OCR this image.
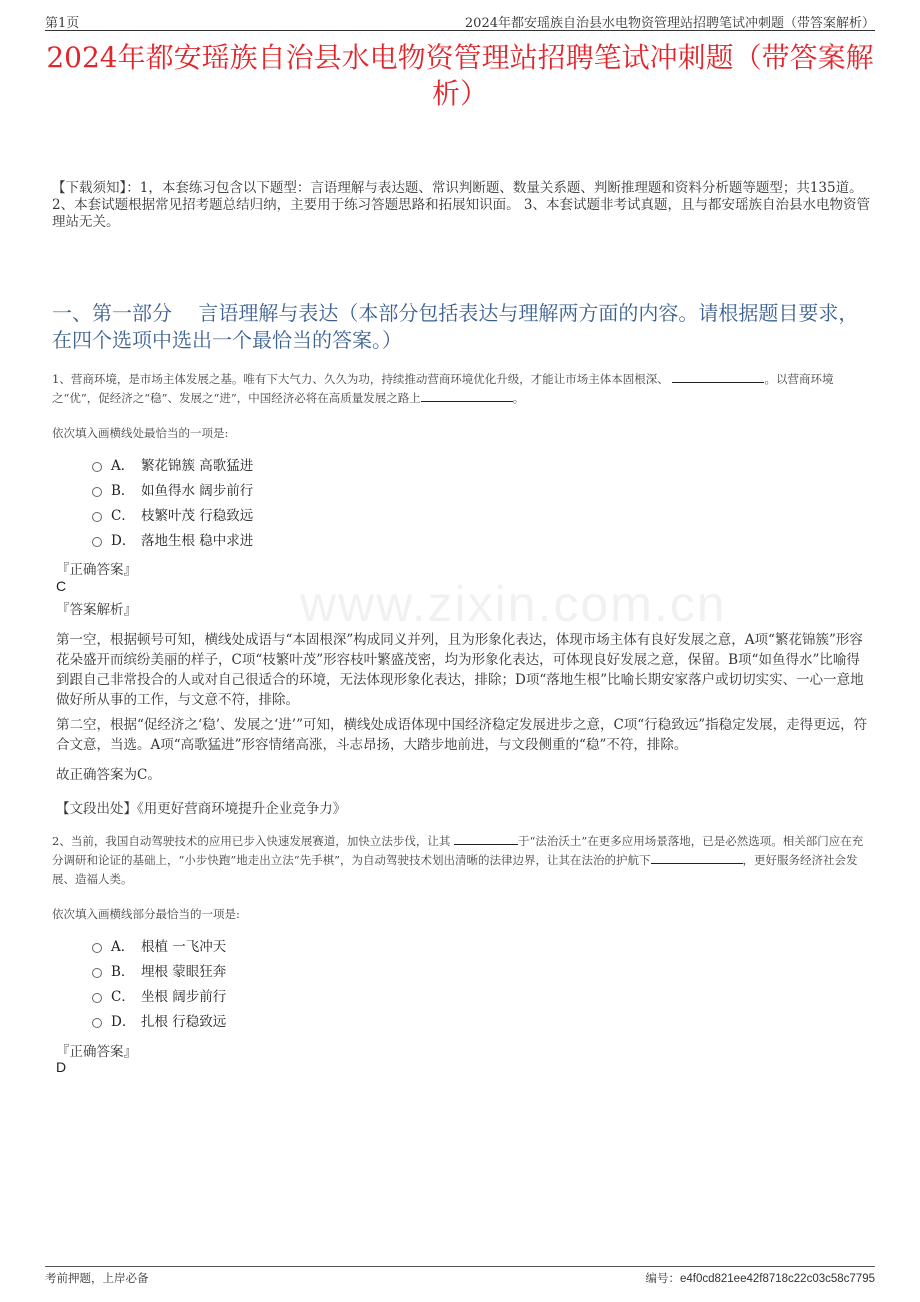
www.zixin.com.cn
第1页	2024年都安瑶族自治县水电物资管理站招聘笔试冲刺题（带答案解析）
2024年都安瑶族自治县水电物资管理站招聘笔试冲刺题（带答案解析）
【下载须知】：1，本套练习包含以下题型：言语理解与表达题、常识判断题、数量关系题、判断推理题和资料分析题等题型；共135道。 2、本套试题根据常见招考题总结归纳，主要用于练习答题思路和拓展知识面。 3、本套试题非考试真题，且与都安瑶族自治县水电物资管理站无关。
一、第一部分　 言语理解与表达（本部分包括表达与理解两方面的内容。请根据题目要求，在四个选项中选出一个最恰当的答案。）
1、营商环境，是市场主体发展之基。唯有下大气力、久久为功，持续推动营商环境优化升级，才能让市场主体本固根深、	。以营商环境之“优”，促经济之“稳”、发展之“进”，中国经济必将在高质量发展之路上	。
依次填入画横线处最恰当的一项是:
A． 繁花锦簇 高歌猛进
B． 如鱼得水 阔步前行
C． 枝繁叶茂 行稳致远
D． 落地生根 稳中求进
『正确答案』
C
『答案解析』
第一空，根据顿号可知，横线处成语与“本固根深”构成同义并列，且为形象化表达，体现市场主体有良好发展之意，A项“繁花锦簇”形容花朵盛开而缤纷美丽的样子，C项“枝繁叶茂”形容枝叶繁盛茂密，均为形象化表达，可体现良好发展之意，保留。B项“如鱼得水”比喻得到跟自己非常投合的人或对自己很适合的环境，无法体现形象化表达，排除；D项“落地生根”比喻长期安家落户或切切实实、一心一意地做好所从事的工作，与文意不符，排除。
第二空，根据“促经济之‘稳’、发展之‘进’”可知，横线处成语体现中国经济稳定发展进步之意，C项“行稳致远”指稳定发展，走得更远，符合文意，当选。A项“高歌猛进”形容情绪高涨，斗志昂扬，大踏步地前进，与文段侧重的“稳”不符，排除。
故正确答案为C。
【文段出处】《用更好营商环境提升企业竞争力》
2、当前，我国自动驾驶技术的应用已步入快速发展赛道，加快立法步伐，让其	于“法治沃土”在更多应用场景落地，已是必然选项。相关部门应在充分调研和论证的基础上，“小步快跑”地走出立法“先手棋”，为自动驾驶技术划出清晰的法律边界，让其在法治的护航下	，更好服务经济社会发展、造福人类。
依次填入画横线部分最恰当的一项是:
A． 根植 一飞冲天
B． 埋根 蒙眼狂奔
C． 坐根 阔步前行
D． 扎根 行稳致远
『正确答案』
D
考前押题，上岸必备	编号：e4f0cd821ee42f8718c22c03c58c7795
